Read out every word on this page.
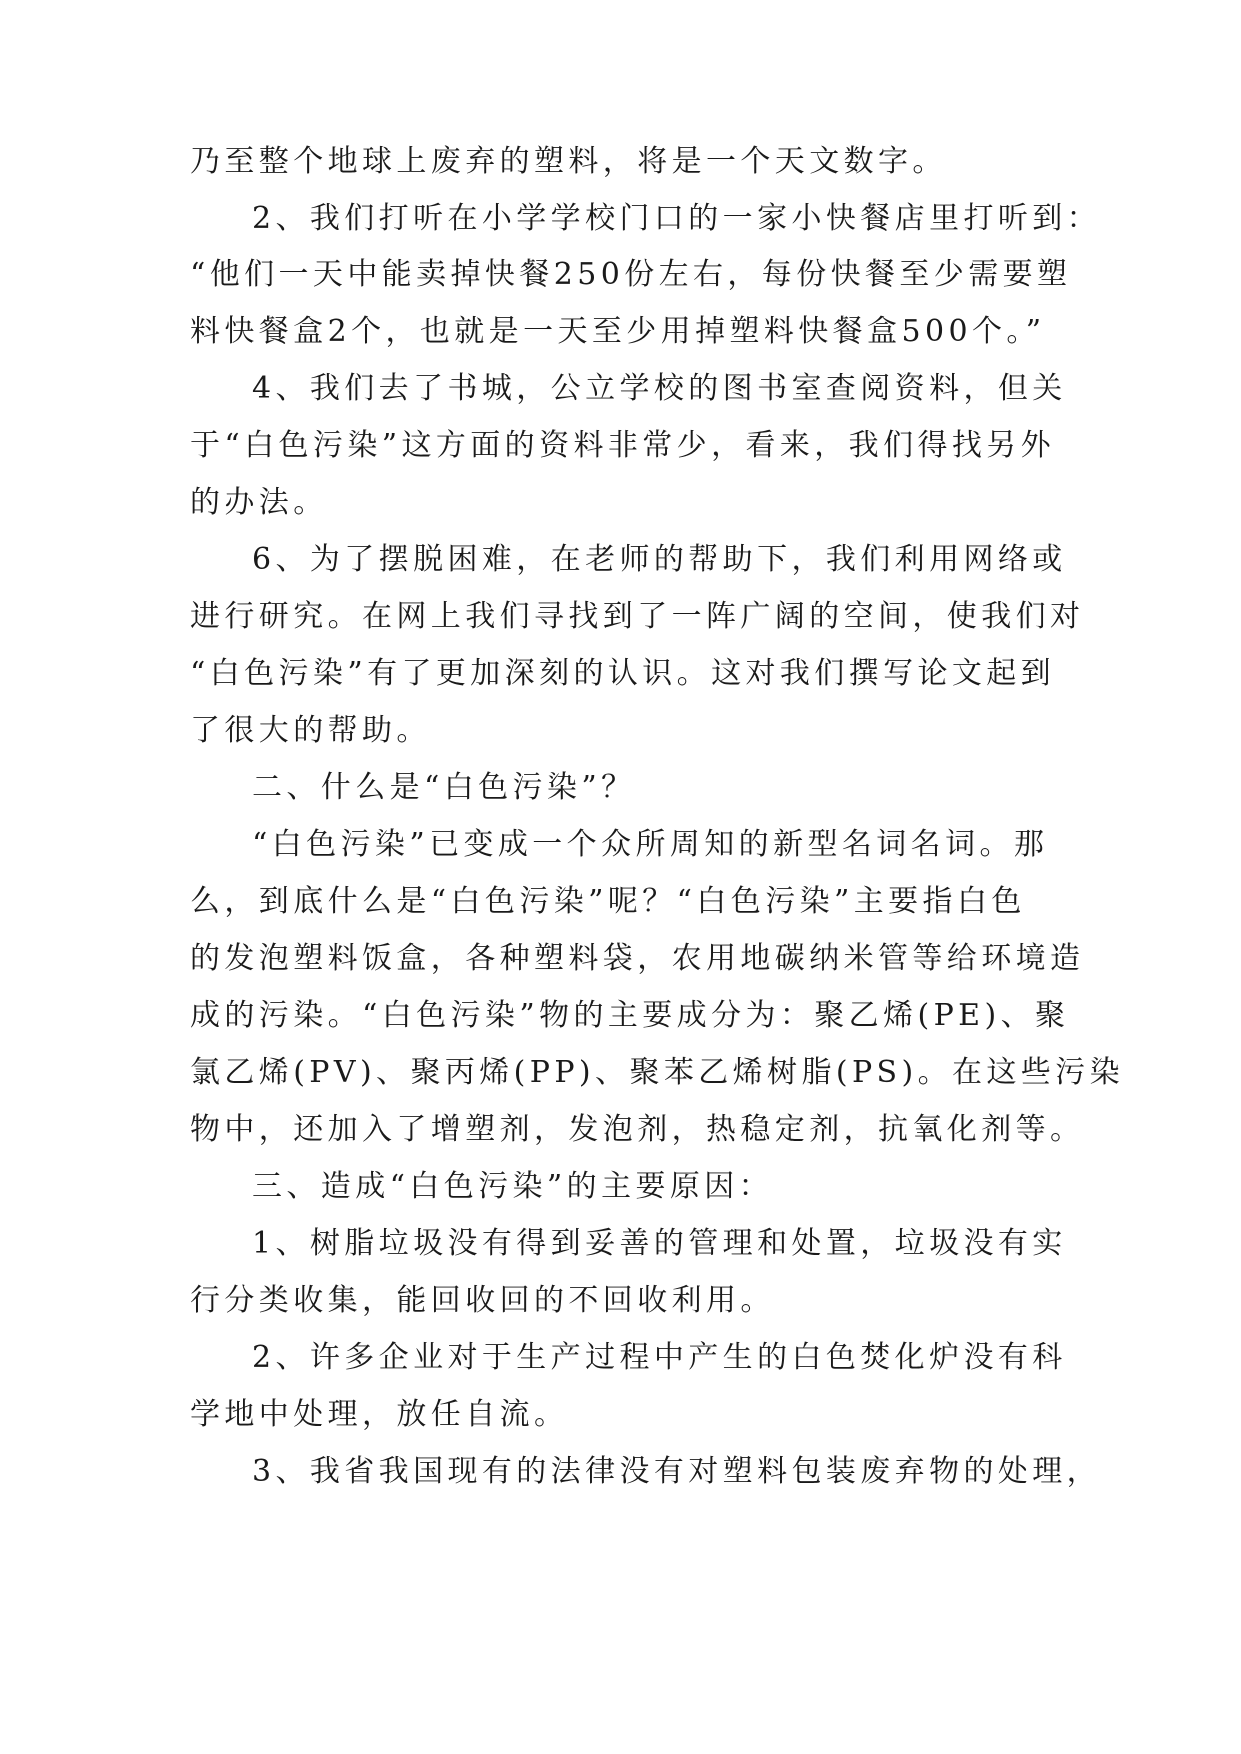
乃至整个地球上废弃的塑料，将是一个天文数字。

2、我们打听在小学学校门口的一家小快餐店里打听到：

“他们一天中能卖掉快餐250份左右，每份快餐至少需要塑

料快餐盒2个，也就是一天至少用掉塑料快餐盒500个。”

4、我们去了书城，公立学校的图书室查阅资料，但关

于“白色污染”这方面的资料非常少，看来，我们得找另外

的办法。

6、为了摆脱困难，在老师的帮助下，我们利用网络或

进行研究。在网上我们寻找到了一阵广阔的空间，使我们对

“白色污染”有了更加深刻的认识。这对我们撰写论文起到

了很大的帮助。

二、什么是“白色污染”？

“白色污染”已变成一个众所周知的新型名词名词。那

么，到底什么是“白色污染”呢？“白色污染”主要指白色

的发泡塑料饭盒，各种塑料袋，农用地碳纳米管等给环境造

成的污染。“白色污染”物的主要成分为：聚乙烯(PE)、聚

氯乙烯(PV)、聚丙烯(PP)、聚苯乙烯树脂(PS)。在这些污染

物中，还加入了增塑剂，发泡剂，热稳定剂，抗氧化剂等。

三、造成“白色污染”的主要原因：

1、树脂垃圾没有得到妥善的管理和处置，垃圾没有实

行分类收集，能回收回的不回收利用。

2、许多企业对于生产过程中产生的白色焚化炉没有科

学地中处理，放任自流。

3、我省我国现有的法律没有对塑料包装废弃物的处理，
